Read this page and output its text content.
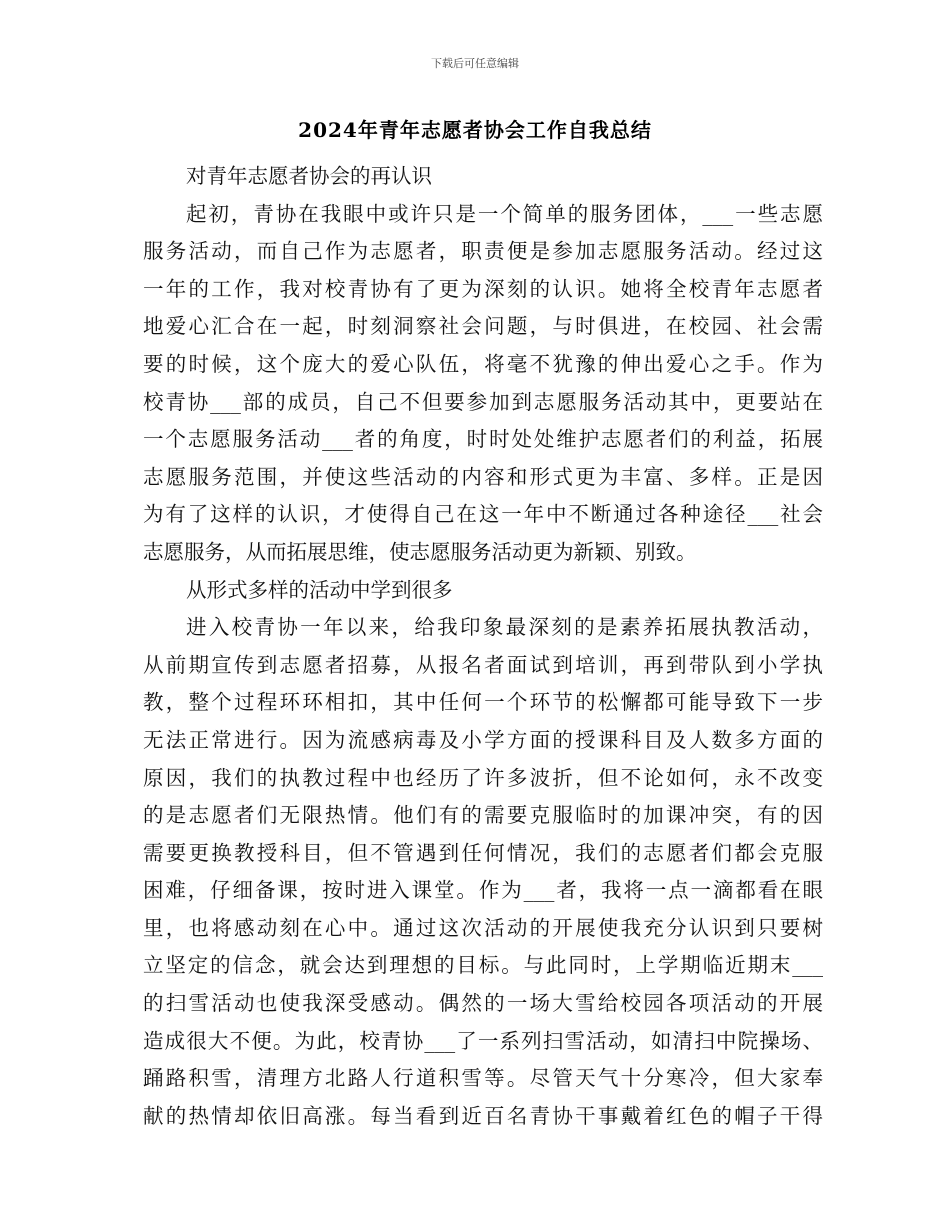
下载后可任意编辑
2024年青年志愿者协会工作自我总结
对青年志愿者协会的再认识
起初，青协在我眼中或许只是一个简单的服务团体，___一些志愿
服务活动，而自己作为志愿者，职责便是参加志愿服务活动。经过这
一年的工作，我对校青协有了更为深刻的认识。她将全校青年志愿者
地爱心汇合在一起，时刻洞察社会问题，与时俱进，在校园、社会需
要的时候，这个庞大的爱心队伍，将毫不犹豫的伸出爱心之手。作为
校青协___部的成员，自己不但要参加到志愿服务活动其中，更要站在
一个志愿服务活动___者的角度，时时处处维护志愿者们的利益，拓展
志愿服务范围，并使这些活动的内容和形式更为丰富、多样。正是因
为有了这样的认识，才使得自己在这一年中不断通过各种途径___社会
志愿服务，从而拓展思维，使志愿服务活动更为新颖、别致。
从形式多样的活动中学到很多
进入校青协一年以来，给我印象最深刻的是素养拓展执教活动，
从前期宣传到志愿者招募，从报名者面试到培训，再到带队到小学执
教，整个过程环环相扣，其中任何一个环节的松懈都可能导致下一步
无法正常进行。因为流感病毒及小学方面的授课科目及人数多方面的
原因，我们的执教过程中也经历了许多波折，但不论如何，永不改变
的是志愿者们无限热情。他们有的需要克服临时的加课冲突，有的因
需要更换教授科目，但不管遇到任何情况，我们的志愿者们都会克服
困难，仔细备课，按时进入课堂。作为___者，我将一点一滴都看在眼
里，也将感动刻在心中。通过这次活动的开展使我充分认识到只要树
立坚定的信念，就会达到理想的目标。与此同时，上学期临近期末___
的扫雪活动也使我深受感动。偶然的一场大雪给校园各项活动的开展
造成很大不便。为此，校青协___了一系列扫雪活动，如清扫中院操场、
踊路积雪，清理方北路人行道积雪等。尽管天气十分寒冷，但大家奉
献的热情却依旧高涨。每当看到近百名青协干事戴着红色的帽子干得
